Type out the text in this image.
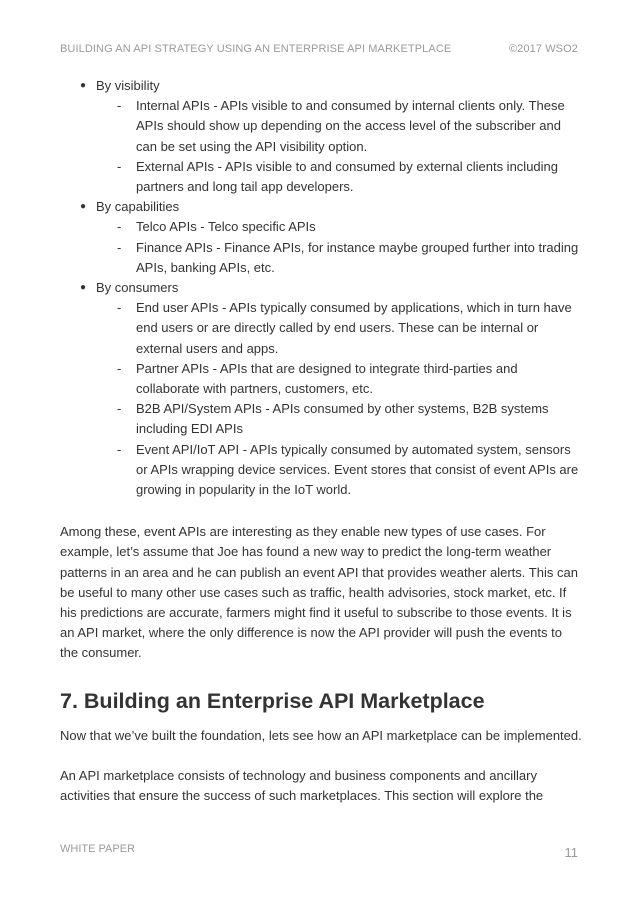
BUILDING AN API STRATEGY USING AN ENTERPRISE API MARKETPLACE	©2017 WSO2
● By visibility
- Internal APIs - APIs visible to and consumed by internal clients only. These APIs should show up depending on the access level of the subscriber and can be set using the API visibility option.
- External APIs - APIs visible to and consumed by external clients including partners and long tail app developers.
● By capabilities
- Telco APIs - Telco specific APIs
- Finance APIs - Finance APIs, for instance maybe grouped further into trading APIs, banking APIs, etc.
● By consumers
- End user APIs - APIs typically consumed by applications, which in turn have end users or are directly called by end users. These can be internal or external users and apps.
- Partner APIs - APIs that are designed to integrate third-parties and collaborate with partners, customers, etc.
- B2B API/System APIs - APIs consumed by other systems, B2B systems including EDI APIs
- Event API/IoT API - APIs typically consumed by automated system, sensors or APIs wrapping device services. Event stores that consist of event APIs are growing in popularity in the IoT world.

Among these, event APIs are interesting as they enable new types of use cases. For example, let’s assume that Joe has found a new way to predict the long-term weather patterns in an area and he can publish an event API that provides weather alerts. This can be useful to many other use cases such as traffic, health advisories, stock market, etc. If his predictions are accurate, farmers might find it useful to subscribe to those events. It is an API market, where the only difference is now the API provider will push the events to the consumer.

7. Building an Enterprise API Marketplace

Now that we’ve built the foundation, lets see how an API marketplace can be implemented.

An API marketplace consists of technology and business components and ancillary activities that ensure the success of such marketplaces. This section will explore the

WHITE PAPER	11
